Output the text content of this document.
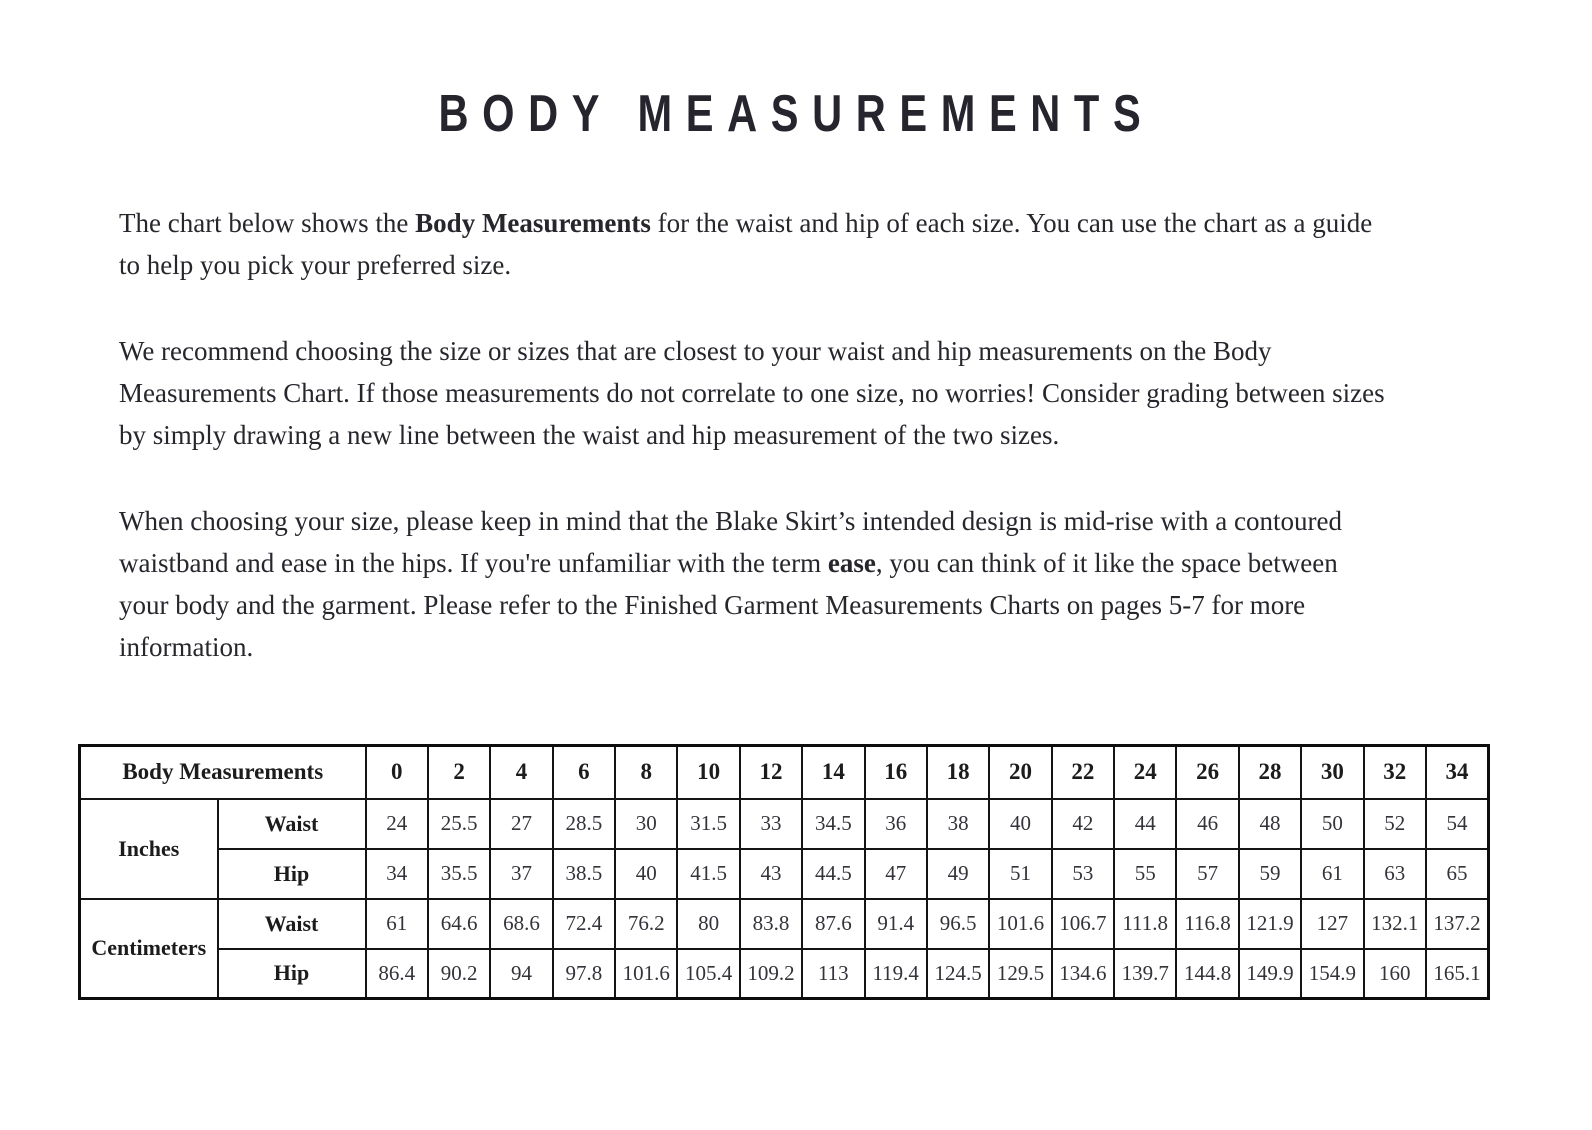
BODY MEASUREMENTS

The chart below shows the Body Measurements for the waist and hip of each size. You can use the chart as a guide to help you pick your preferred size.

We recommend choosing the size or sizes that are closest to your waist and hip measurements on the Body Measurements Chart. If those measurements do not correlate to one size, no worries! Consider grading between sizes by simply drawing a new line between the waist and hip measurement of the two sizes.

When choosing your size, please keep in mind that the Blake Skirt’s intended design is mid-rise with a contoured waistband and ease in the hips. If you're unfamiliar with the term ease, you can think of it like the space between your body and the garment. Please refer to the Finished Garment Measurements Charts on pages 5-7 for more information.

Body Measurements		0	2	4	6	8	10	12	14	16	18	20	22	24	26	28	30	32	34
Inches	Waist	24	25.5	27	28.5	30	31.5	33	34.5	36	38	40	42	44	46	48	50	52	54
	Hip	34	35.5	37	38.5	40	41.5	43	44.5	47	49	51	53	55	57	59	61	63	65
Centimeters	Waist	61	64.6	68.6	72.4	76.2	80	83.8	87.6	91.4	96.5	101.6	106.7	111.8	116.8	121.9	127	132.1	137.2
	Hip	86.4	90.2	94	97.8	101.6	105.4	109.2	113	119.4	124.5	129.5	134.6	139.7	144.8	149.9	154.9	160	165.1
